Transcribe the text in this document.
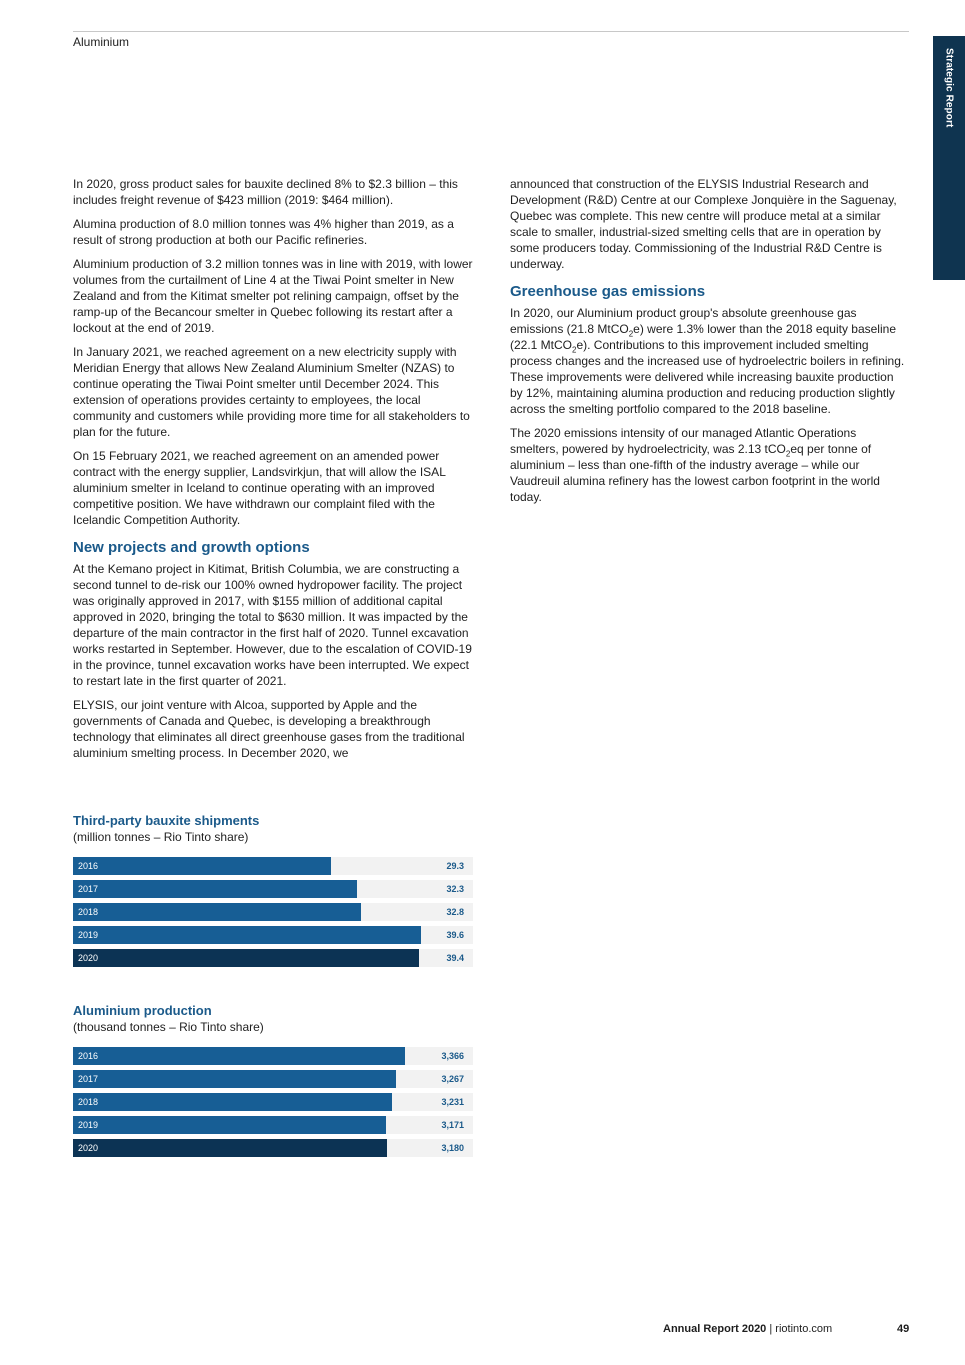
Aluminium
Strategic Report

In 2020, gross product sales for bauxite declined 8% to $2.3 billion – this includes freight revenue of $423 million (2019: $464 million).

Alumina production of 8.0 million tonnes was 4% higher than 2019, as a result of strong production at both our Pacific refineries.

Aluminium production of 3.2 million tonnes was in line with 2019, with lower volumes from the curtailment of Line 4 at the Tiwai Point smelter in New Zealand and from the Kitimat smelter pot relining campaign, offset by the ramp-up of the Becancour smelter in Quebec following its restart after a lockout at the end of 2019.

In January 2021, we reached agreement on a new electricity supply with Meridian Energy that allows New Zealand Aluminium Smelter (NZAS) to continue operating the Tiwai Point smelter until December 2024. This extension of operations provides certainty to employees, the local community and customers while providing more time for all stakeholders to plan for the future.

On 15 February 2021, we reached agreement on an amended power contract with the energy supplier, Landsvirkjun, that will allow the ISAL aluminium smelter in Iceland to continue operating with an improved competitive position. We have withdrawn our complaint filed with the Icelandic Competition Authority.

New projects and growth options

At the Kemano project in Kitimat, British Columbia, we are constructing a second tunnel to de-risk our 100% owned hydropower facility. The project was originally approved in 2017, with $155 million of additional capital approved in 2020, bringing the total to $630 million. It was impacted by the departure of the main contractor in the first half of 2020. Tunnel excavation works restarted in September. However, due to the escalation of COVID-19 in the province, tunnel excavation works have been interrupted. We expect to restart late in the first quarter of 2021.

ELYSIS, our joint venture with Alcoa, supported by Apple and the governments of Canada and Quebec, is developing a breakthrough technology that eliminates all direct greenhouse gases from the traditional aluminium smelting process. In December 2020, we

announced that construction of the ELYSIS Industrial Research and Development (R&D) Centre at our Complexe Jonquière in the Saguenay, Quebec was complete. This new centre will produce metal at a similar scale to smaller, industrial-sized smelting cells that are in operation by some producers today. Commissioning of the Industrial R&D Centre is underway.

Greenhouse gas emissions

In 2020, our Aluminium product group's absolute greenhouse gas emissions (21.8 MtCO$_2$e) were 1.3% lower than the 2018 equity baseline (22.1 MtCO$_2$e). Contributions to this improvement included smelting process changes and the increased use of hydroelectric boilers in refining. These improvements were delivered while increasing bauxite production by 12%, maintaining alumina production and reducing production slightly across the smelting portfolio compared to the 2018 baseline.

The 2020 emissions intensity of our managed Atlantic Operations smelters, powered by hydroelectricity, was 2.13 tCO$_2$eq per tonne of aluminium – less than one-fifth of the industry average – while our Vaudreuil alumina refinery has the lowest carbon footprint in the world today.

Third-party bauxite shipments
(million tonnes – Rio Tinto share)
2016	29.3
2017	32.3
2018	32.8
2019	39.6
2020	39.4
Aluminium production
(thousand tonnes – Rio Tinto share)
2016	3,366
2017	3,267
2018	3,231
2019	3,171
2020	3,180
Annual Report 2020 | riotinto.com	49
